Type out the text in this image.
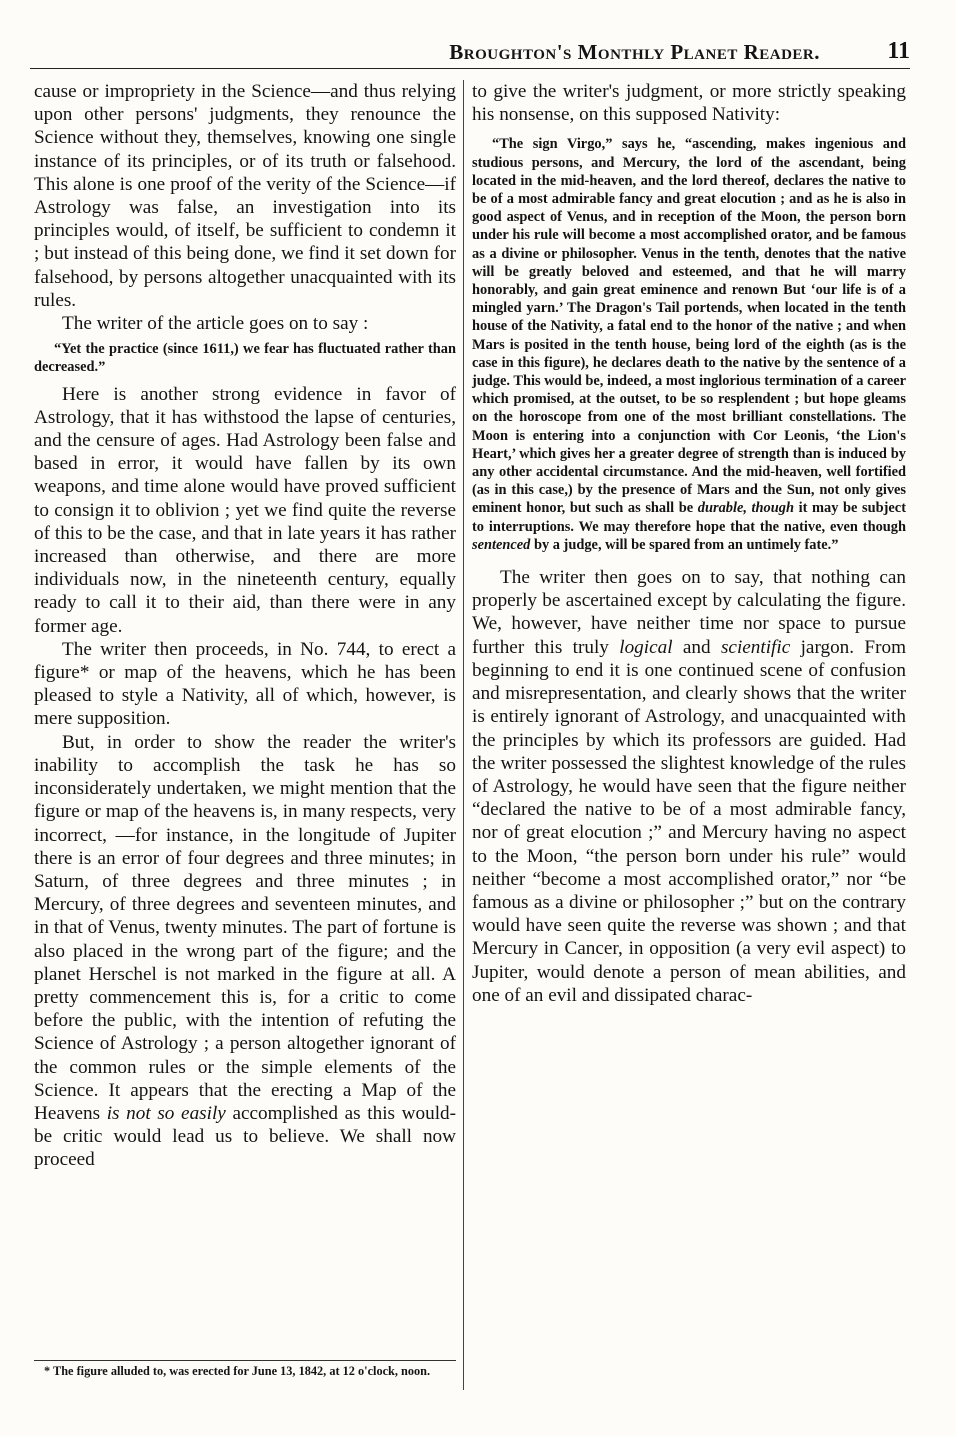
Broughton's Monthly Planet Reader.	11

cause or impropriety in the Science—and thus relying upon other persons' judgments, they renounce the Science without they, themselves, knowing one single instance of its principles, or of its truth or falsehood. This alone is one proof of the verity of the Science—if Astrology was false, an investigation into its principles would, of itself, be sufficient to condemn it ; but instead of this being done, we find it set down for falsehood, by persons altogether unacquainted with its rules.

The writer of the article goes on to say :

“Yet the practice (since 1611,) we fear has fluctuated rather than decreased.”

Here is another strong evidence in favor of Astrology, that it has withstood the lapse of centuries, and the censure of ages. Had Astrology been false and based in error, it would have fallen by its own weapons, and time alone would have proved sufficient to consign it to oblivion ; yet we find quite the reverse of this to be the case, and that in late years it has rather increased than otherwise, and there are more individuals now, in the nineteenth century, equally ready to call it to their aid, than there were in any former age.

The writer then proceeds, in No. 744, to erect a figure* or map of the heavens, which he has been pleased to style a Nativity, all of which, however, is mere supposition.

But, in order to show the reader the writer's inability to accomplish the task he has so inconsiderately undertaken, we might mention that the figure or map of the heavens is, in many respects, very incorrect, —for instance, in the longitude of Jupiter there is an error of four degrees and three minutes; in Saturn, of three degrees and three minutes ; in Mercury, of three degrees and seventeen minutes, and in that of Venus, twenty minutes. The part of fortune is also placed in the wrong part of the figure; and the planet Herschel is not marked in the figure at all. A pretty commencement this is, for a critic to come before the public, with the intention of refuting the Science of Astrology ; a person altogether ignorant of the common rules or the simple elements of the Science. It appears that the erecting a Map of the Heavens is not so easily accomplished as this would-be critic would lead us to believe. We shall now proceed

* The figure alluded to, was erected for June 13, 1842, at 12 o'clock, noon.

to give the writer's judgment, or more strictly speaking his nonsense, on this supposed Nativity:

“The sign Virgo,” says he, “ascending, makes ingenious and studious persons, and Mercury, the lord of the ascendant, being located in the mid-heaven, and the lord thereof, declares the native to be of a most admirable fancy and great elocution ; and as he is also in good aspect of Venus, and in reception of the Moon, the person born under his rule will become a most accomplished orator, and be famous as a divine or philosopher. Venus in the tenth, denotes that the native will be greatly beloved and esteemed, and that he will marry honorably, and gain great eminence and renown But ‘our life is of a mingled yarn.’ The Dragon's Tail portends, when located in the tenth house of the Nativity, a fatal end to the honor of the native ; and when Mars is posited in the tenth house, being lord of the eighth (as is the case in this figure), he declares death to the native by the sentence of a judge. This would be, indeed, a most inglorious termination of a career which promised, at the outset, to be so resplendent ; but hope gleams on the horoscope from one of the most brilliant constellations. The Moon is entering into a conjunction with Cor Leonis, ‘the Lion's Heart,’ which gives her a greater degree of strength than is induced by any other accidental circumstance. And the mid-heaven, well fortified (as in this case,) by the presence of Mars and the Sun, not only gives eminent honor, but such as shall be durable, though it may be subject to interruptions. We may therefore hope that the native, even though sentenced by a judge, will be spared from an untimely fate.”

The writer then goes on to say, that nothing can properly be ascertained except by calculating the figure. We, however, have neither time nor space to pursue further this truly logical and scientific jargon. From beginning to end it is one continued scene of confusion and misrepresentation, and clearly shows that the writer is entirely ignorant of Astrology, and unacquainted with the principles by which its professors are guided. Had the writer possessed the slightest knowledge of the rules of Astrology, he would have seen that the figure neither “declared the native to be of a most admirable fancy, nor of great elocution ;” and Mercury having no aspect to the Moon, “the person born under his rule” would neither “become a most accomplished orator,” nor “be famous as a divine or philosopher ;” but on the contrary would have seen quite the reverse was shown ; and that Mercury in Cancer, in opposition (a very evil aspect) to Jupiter, would denote a person of mean abilities, and one of an evil and dissipated charac-
